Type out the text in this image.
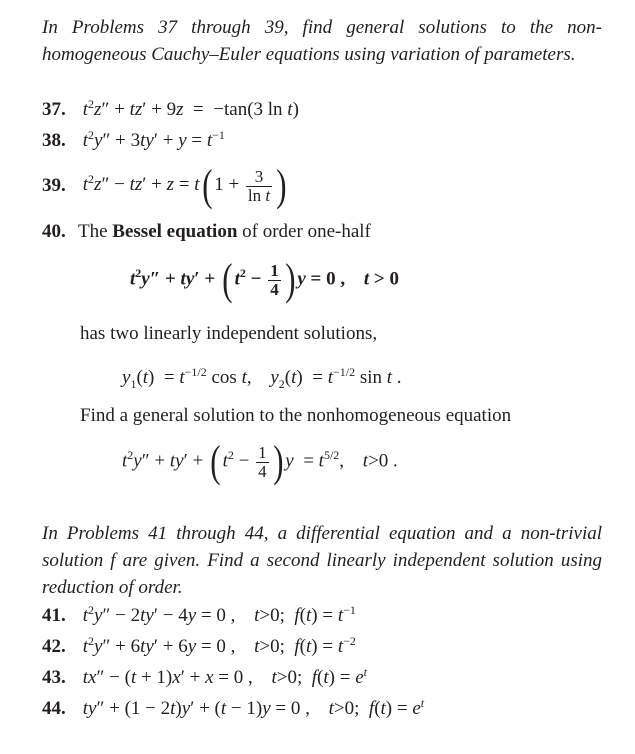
In Problems 37 through 39, find general solutions to the non-homogeneous Cauchy–Euler equations using variation of parameters.
37. $t^2z'' + tz' + 9z = -\tan(3$ ln t)
38. $t^2y'' + 3ty' + y = t^{-1}$
39. $t^2z'' - tz' + z = t$( $1 + \frac{3}{\text{ln t}}$ )
40. The Bessel equation of order one-half
$t^2y'' + ty'$ + ( $t^2 - \frac{1}{4}$ ) y = 0 , t > 0
has two linearly independent solutions,
$y_1(t) = t^{-1/2}$ cos t, $y_2(t) = t^{-1/2}$ sin t .
Find a general solution to the nonhomogeneous equation
$t^2y'' + ty'$ + ( $t^2 - \frac{1}{4}$ ) $y = t^{5/2}$, t>0 .
In Problems 41 through 44, a differential equation and a non-trivial solution f are given. Find a second linearly independent solution using reduction of order.
41. $t^2y'' - 2ty' - 4y = 0$ , t>0;  $f(t) = t^{-1}$
42. $t^2y'' + 6ty' + 6y = 0$ , t>0;  $f(t) = t^{-2}$
43. tx″ − (t + 1)x′ + x = 0 , t>0;  $f(t) = e^t$
44. ty″ + (1 − 2t)y′ + (t − 1)y = 0 , t>0;  $f(t) = e^t$
